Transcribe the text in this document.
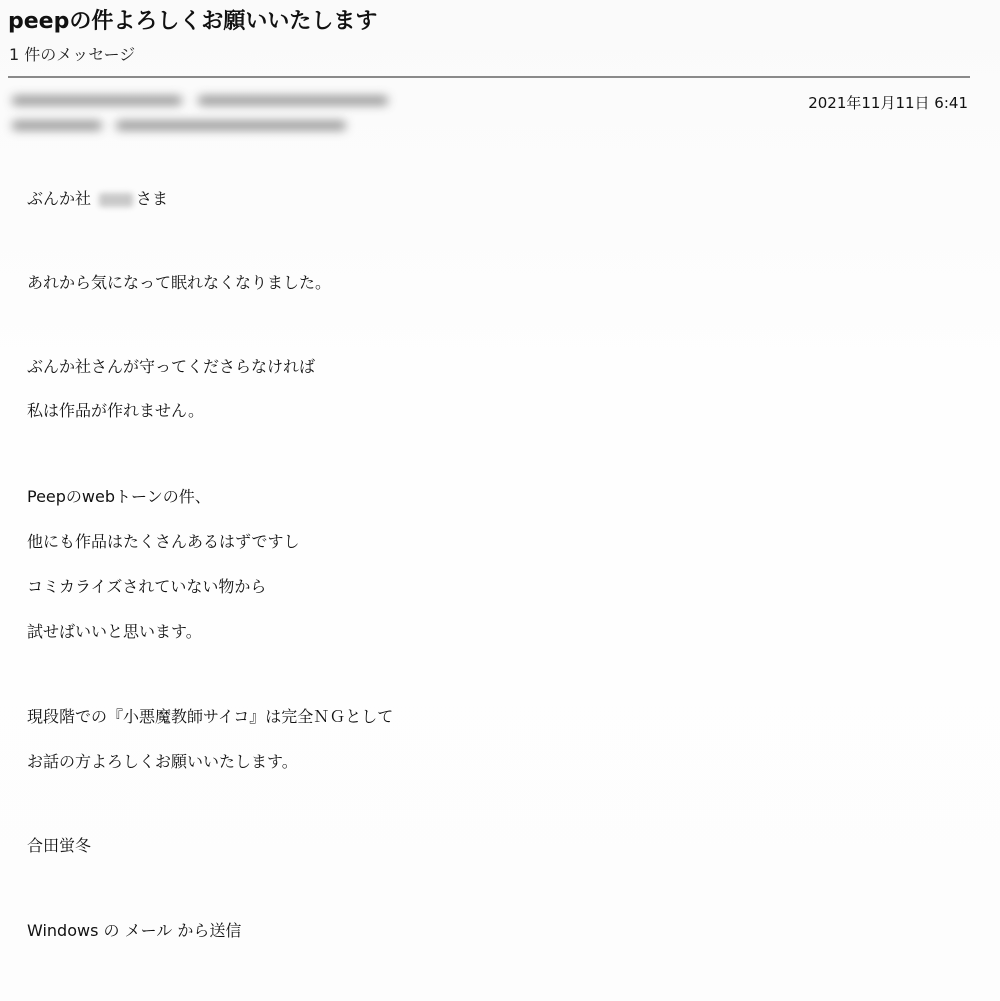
peepの件よろしくお願いいたします
1 件のメッセージ
2021年11月11日 6:41
ぶんか社	さま
あれから気になって眠れなくなりました。
ぶんか社さんが守ってくださらなければ
私は作品が作れません。
Peepのwebトーンの件、
他にも作品はたくさんあるはずですし
コミカライズされていない物から
試せばいいと思います。
現段階での『小悪魔教師サイコ』は完全ＮＧとして
お話の方よろしくお願いいたします。
合田蛍冬
Windows の メール から送信
